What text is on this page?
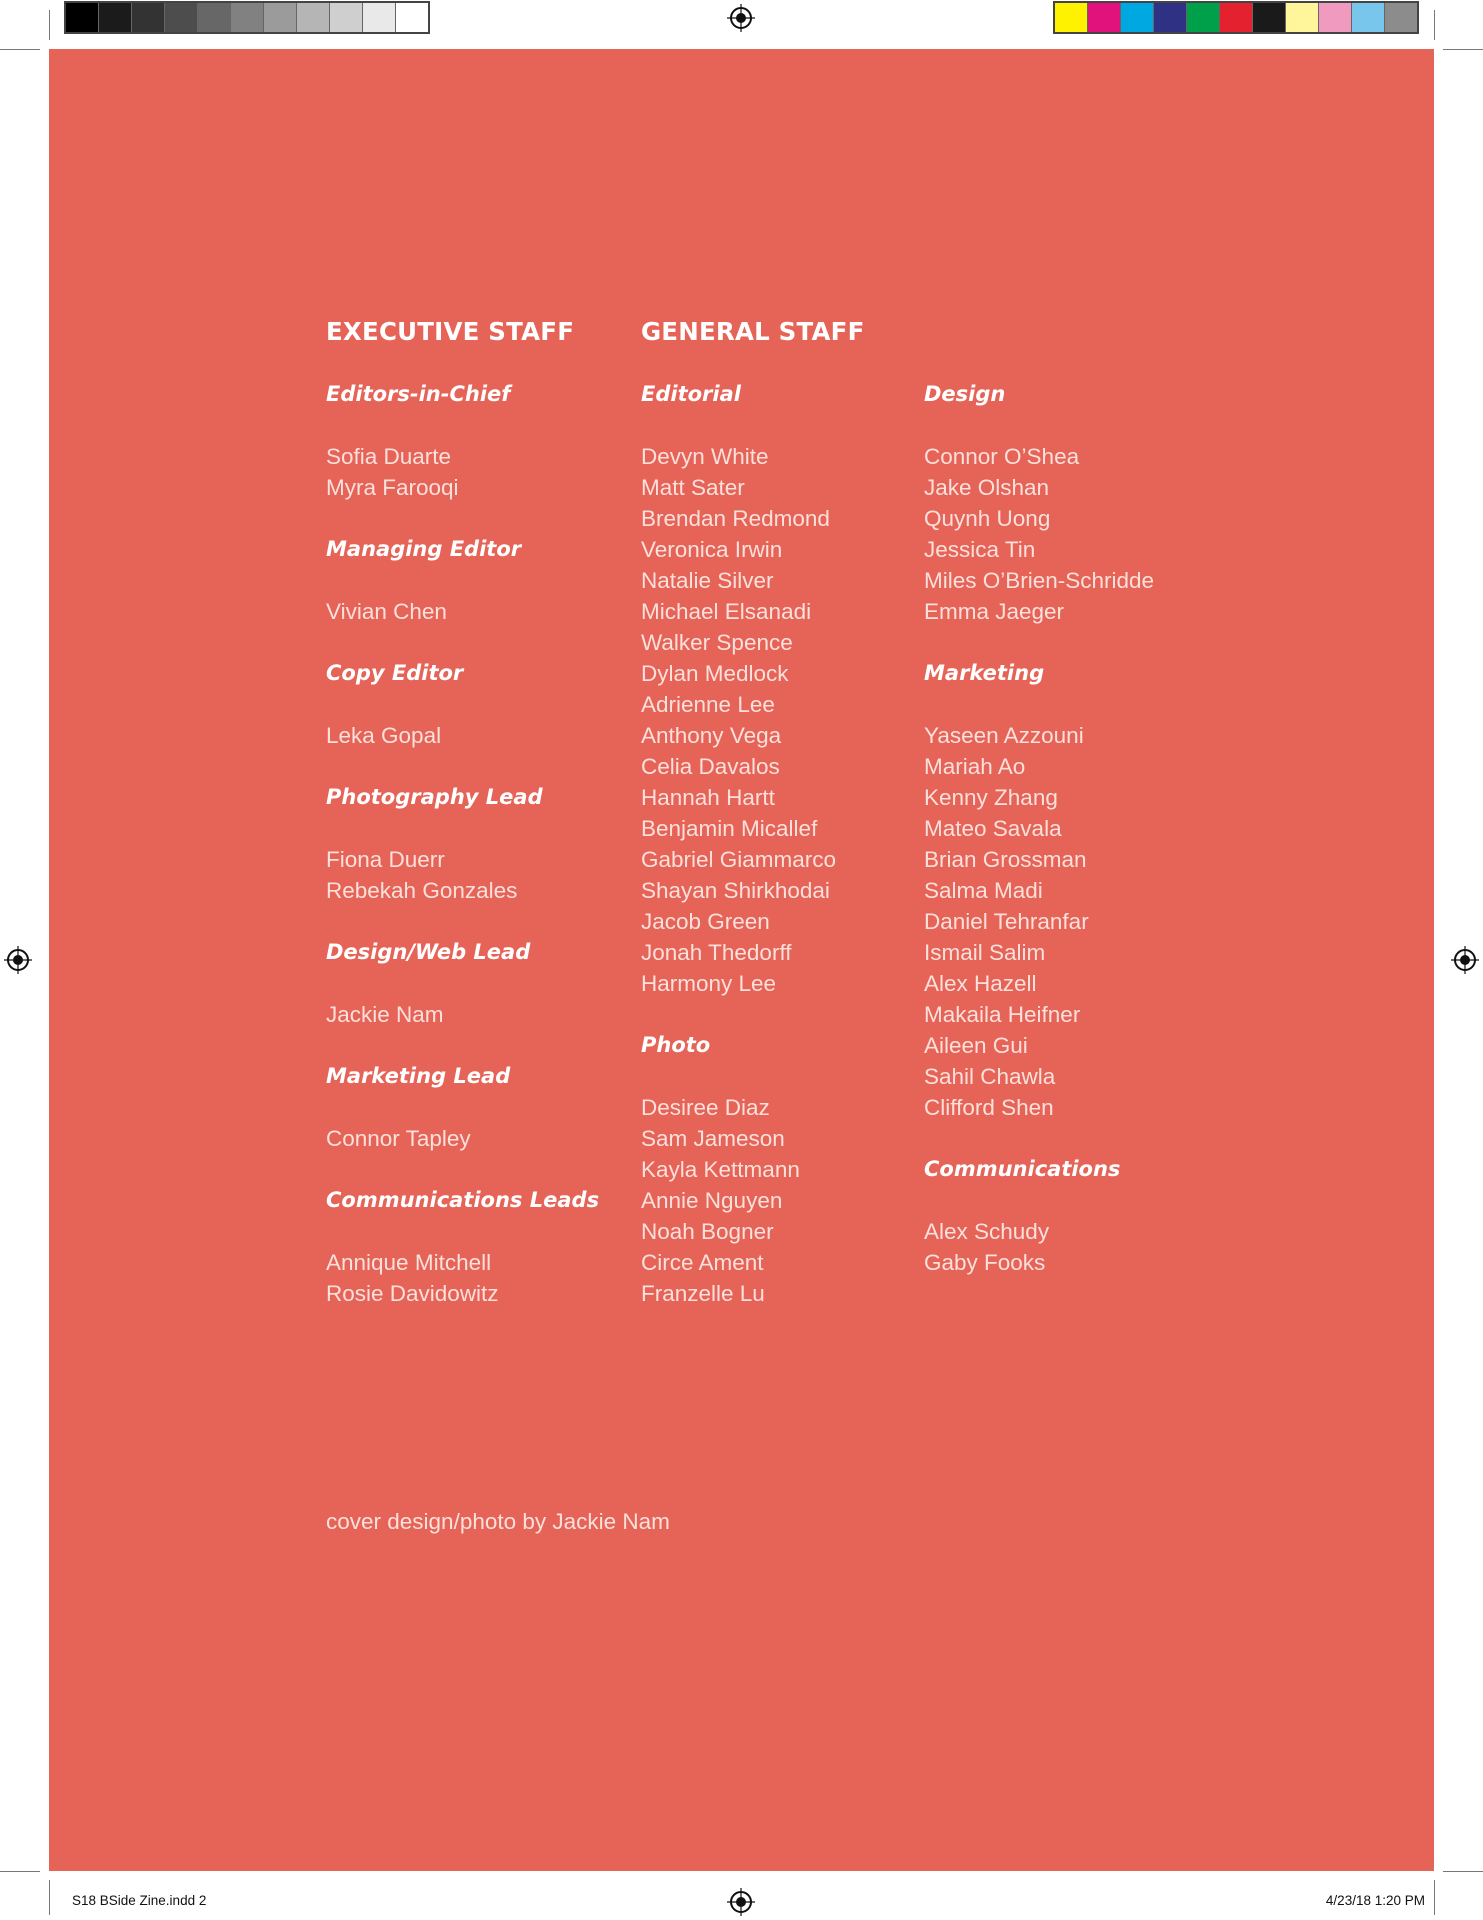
EXECUTIVE STAFF
Editors-in-Chief
Sofia Duarte
Myra Farooqi
Managing Editor
Vivian Chen
Copy Editor
Leka Gopal
Photography Lead
Fiona Duerr
Rebekah Gonzales
Design/Web Lead
Jackie Nam
Marketing Lead
Connor Tapley
Communications Leads
Annique Mitchell
Rosie Davidowitz
GENERAL STAFF
Editorial
Devyn White
Matt Sater
Brendan Redmond
Veronica Irwin
Natalie Silver
Michael Elsanadi
Walker Spence
Dylan Medlock
Adrienne Lee
Anthony Vega
Celia Davalos
Hannah Hartt
Benjamin Micallef
Gabriel Giammarco
Shayan Shirkhodai
Jacob Green
Jonah Thedorff
Harmony Lee
Photo
Desiree Diaz
Sam Jameson
Kayla Kettmann
Annie Nguyen
Noah Bogner
Circe Ament
Franzelle Lu
Design
Connor O’Shea
Jake Olshan
Quynh Uong
Jessica Tin
Miles O’Brien-Schridde
Emma Jaeger
Marketing
Yaseen Azzouni
Mariah Ao
Kenny Zhang
Mateo Savala
Brian Grossman
Salma Madi
Daniel Tehranfar
Ismail Salim
Alex Hazell
Makaila Heifner
Aileen Gui
Sahil Chawla
Clifford Shen
Communications
Alex Schudy
Gaby Fooks
cover design/photo by Jackie Nam
S18 BSide Zine.indd 2	4/23/18 1:20 PM
